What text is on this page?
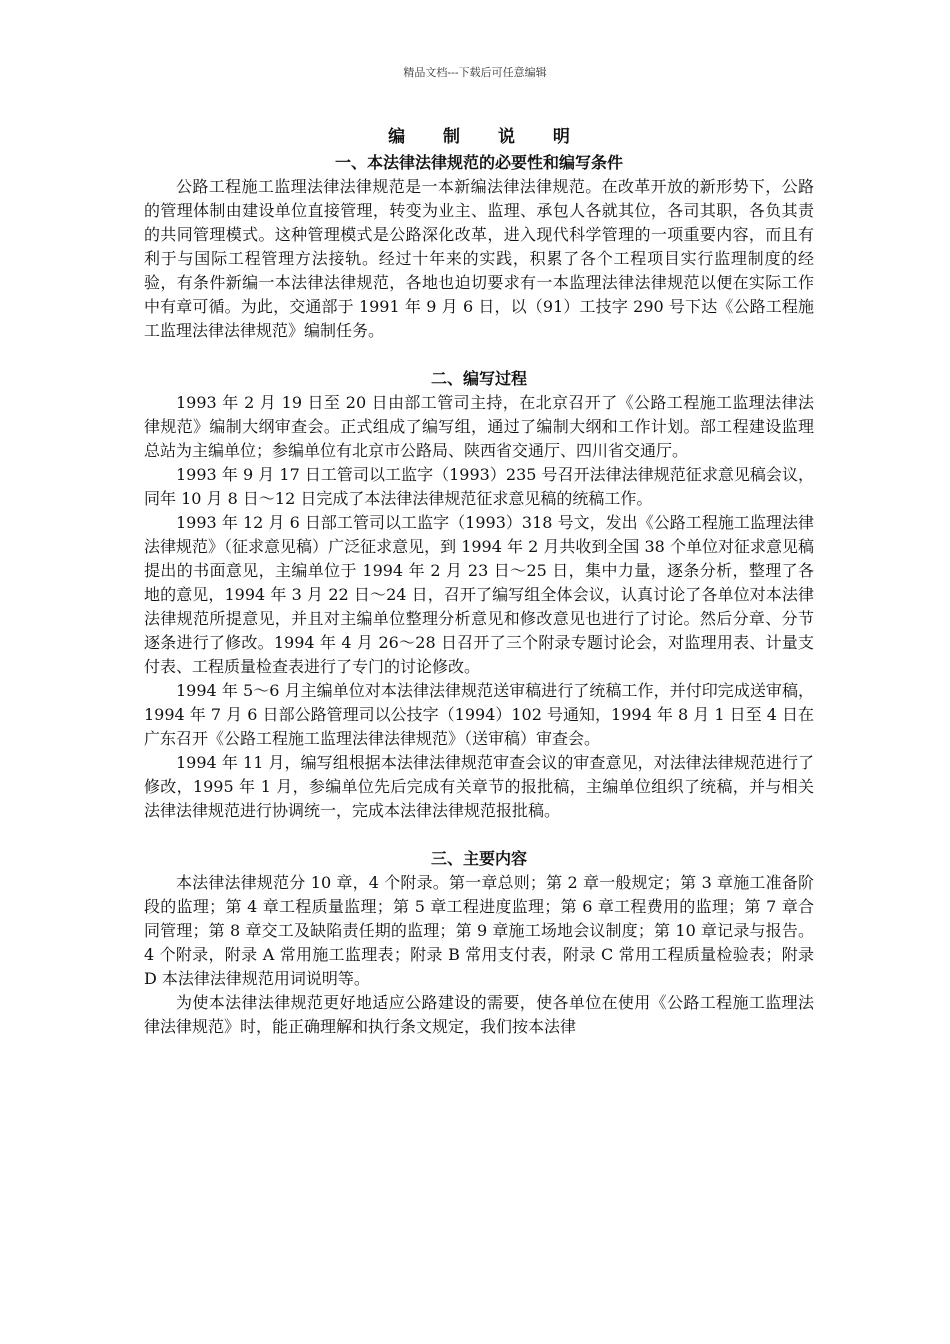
精品文档---下载后可任意编辑
编 制 说 明
一、本法律法律规范的必要性和编写条件

公路工程施工监理法律法律规范是一本新编法律法律规范。在改革开放的新形势下，公路的管理体制由建设单位直接管理，转变为业主、监理、承包人各就其位，各司其职，各负其责的共同管理模式。这种管理模式是公路深化改革，进入现代科学管理的一项重要内容，而且有利于与国际工程管理方法接轨。经过十年来的实践，积累了各个工程项目实行监理制度的经验，有条件新编一本法律法律规范，各地也迫切要求有一本监理法律法律规范以便在实际工作中有章可循。为此，交通部于 1991 年 9 月 6 日，以（91）工技字 290 号下达《公路工程施工监理法律法律规范》编制任务。

二、编写过程

1993 年 2 月 19 日至 20 日由部工管司主持，在北京召开了《公路工程施工监理法律法律规范》编制大纲审查会。正式组成了编写组，通过了编制大纲和工作计划。部工程建设监理总站为主编单位；参编单位有北京市公路局、陕西省交通厅、四川省交通厅。

1993 年 9 月 17 日工管司以工监字（1993）235 号召开法律法律规范征求意见稿会议，同年 10 月 8 日～12 日完成了本法律法律规范征求意见稿的统稿工作。

1993 年 12 月 6 日部工管司以工监字（1993）318 号文，发出《公路工程施工监理法律法律规范》（征求意见稿）广泛征求意见，到 1994 年 2 月共收到全国 38 个单位对征求意见稿提出的书面意见，主编单位于 1994 年 2 月 23 日～25 日，集中力量，逐条分析，整理了各地的意见，1994 年 3 月 22 日～24 日，召开了编写组全体会议，认真讨论了各单位对本法律法律规范所提意见，并且对主编单位整理分析意见和修改意见也进行了讨论。然后分章、分节逐条进行了修改。1994 年 4 月 26～28 日召开了三个附录专题讨论会，对监理用表、计量支付表、工程质量检查表进行了专门的讨论修改。

1994 年 5～6 月主编单位对本法律法律规范送审稿进行了统稿工作，并付印完成送审稿，1994 年 7 月 6 日部公路管理司以公技字（1994）102 号通知，1994 年 8 月 1 日至 4 日在广东召开《公路工程施工监理法律法律规范》（送审稿）审查会。

1994 年 11 月，编写组根据本法律法律规范审查会议的审查意见，对法律法律规范进行了修改，1995 年 1 月，参编单位先后完成有关章节的报批稿，主编单位组织了统稿，并与相关法律法律规范进行协调统一，完成本法律法律规范报批稿。

三、主要内容

本法律法律规范分 10 章，4 个附录。第一章总则；第 2 章一般规定；第 3 章施工准备阶段的监理；第 4 章工程质量监理；第 5 章工程进度监理；第 6 章工程费用的监理；第 7 章合同管理；第 8 章交工及缺陷责任期的监理；第 9 章施工场地会议制度；第 10 章记录与报告。4 个附录，附录 A 常用施工监理表；附录 B 常用支付表，附录 C 常用工程质量检验表；附录 D 本法律法律规范用词说明等。

为使本法律法律规范更好地适应公路建设的需要，使各单位在使用《公路工程施工监理法律法律规范》时，能正确理解和执行条文规定，我们按本法律
